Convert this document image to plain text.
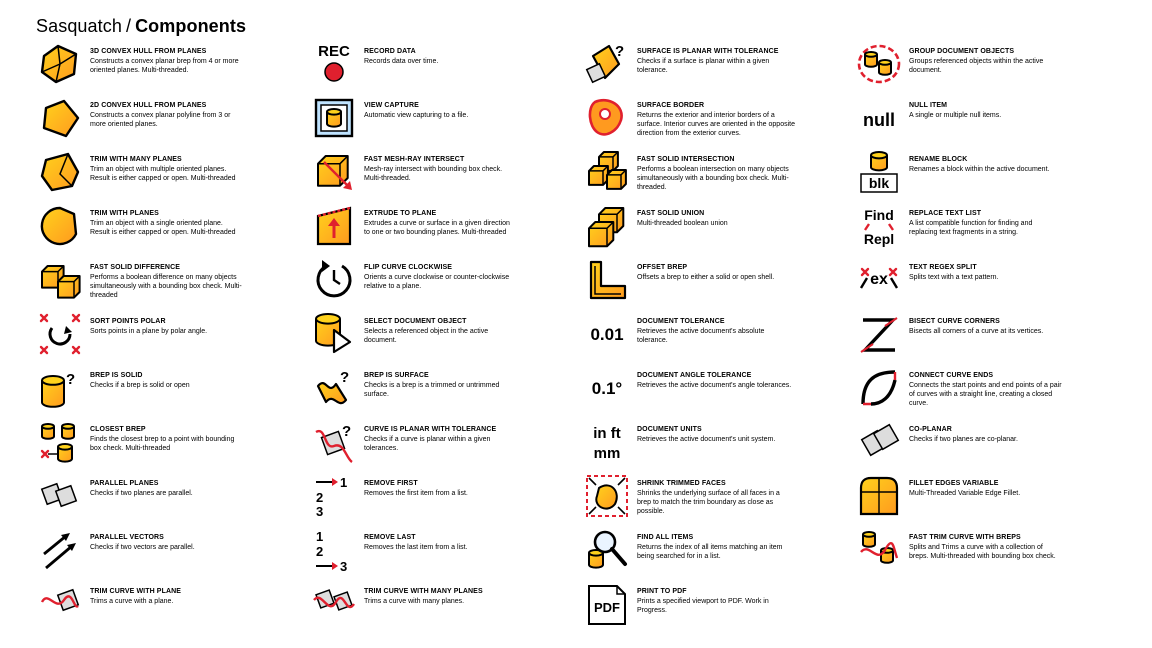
Sasquatch / Components
3D CONVEX HULL FROM PLANES
Constructs a convex planar brep from 4 or more oriented planes. Multi-threaded.
2D CONVEX HULL FROM PLANES
Constructs a convex planar polyline from 3 or more oriented planes.
TRIM WITH MANY PLANES
Trim an object with multiple oriented planes. Result is either capped or open. Multi-threaded
TRIM WITH PLANES
Trim an object with a single oriented plane. Result is either capped or open. Multi-threaded
FAST SOLID DIFFERENCE
Performs a boolean difference on many objects simultaneously with a bounding box check. Multi-threaded
SORT POINTS POLAR
Sorts points in a plane by polar angle.
? BREP IS SOLID
Checks if a brep is solid or open
CLOSEST BREP
Finds the closest brep to a point with bounding box check. Multi-threaded
PARALLEL PLANES
Checks if two planes are parallel.
PARALLEL VECTORS
Checks if two vectors are parallel.
TRIM CURVE WITH PLANE
Trims a curve with a plane.
REC RECORD DATA
Records data over time.
VIEW CAPTURE
Automatic view capturing to a file.
FAST MESH-RAY INTERSECT
Mesh-ray intersect with bounding box check. Multi-threaded.
EXTRUDE TO PLANE
Extrudes a curve or surface in a given direction to one or two bounding planes. Multi-threaded
FLIP CURVE CLOCKWISE
Orients a curve clockwise or counter-clockwise relative to a plane.
SELECT DOCUMENT OBJECT
Selects a referenced object in the active document.
? BREP IS SURFACE
Checks is a brep is a trimmed or untrimmed surface.
? CURVE IS PLANAR WITH TOLERANCE
Checks if a curve is planar within a given tolerances.
1
2
3
REMOVE FIRST
Removes the first item from a list.
1
2
3
REMOVE LAST
Removes the last item from a list.
TRIM CURVE WITH MANY PLANES
Trims a curve with many planes.
? SURFACE IS PLANAR WITH TOLERANCE
Checks if a surface is planar within a given tolerance.
SURFACE BORDER
Returns the exterior and interior borders of a surface. Interior curves are oriented in the opposite direction from the exterior curves.
FAST SOLID INTERSECTION
Performs a boolean intersection on many objects simultaneously with a bounding box check. Multi-threaded.
FAST SOLID UNION
Multi-threaded boolean union
OFFSET BREP
Offsets a brep to either a solid or open shell.
0.01
DOCUMENT TOLERANCE
Retrieves the active document's absolute tolerance.
0.1°
DOCUMENT ANGLE TOLERANCE
Retrieves the active document's angle tolerances.
in ft
mm
DOCUMENT UNITS
Retrieves the active document's unit system.
SHRINK TRIMMED FACES
Shrinks the underlying surface of all faces in a brep to match the trim boundary as close as possible.
FIND ALL ITEMS
Returns the index of all items matching an item being searched for in a list.
PDF
PRINT TO PDF
Prints a specified viewport to PDF. Work in Progress.
GROUP DOCUMENT OBJECTS
Groups referenced objects within the active document.
null
NULL ITEM
A single or multiple null items.
blk
RENAME BLOCK
Renames a block within the active document.
Find
Repl
REPLACE TEXT LIST
A list compatible function for finding and replacing text fragments in a string.
ex
TEXT REGEX SPLIT
Splits text with a text pattern.
BISECT CURVE CORNERS
Bisects all corners of a curve at its vertices.
CONNECT CURVE ENDS
Connects the start points and end points of a pair of curves with a straight line, creating a closed curve.
CO-PLANAR
Checks if two planes are co-planar.
FILLET EDGES VARIABLE
Multi-Threaded Variable Edge Fillet.
FAST TRIM CURVE WITH BREPS
Splits and Trims a curve with a collection of breps. Multi-threaded with bounding box check.
